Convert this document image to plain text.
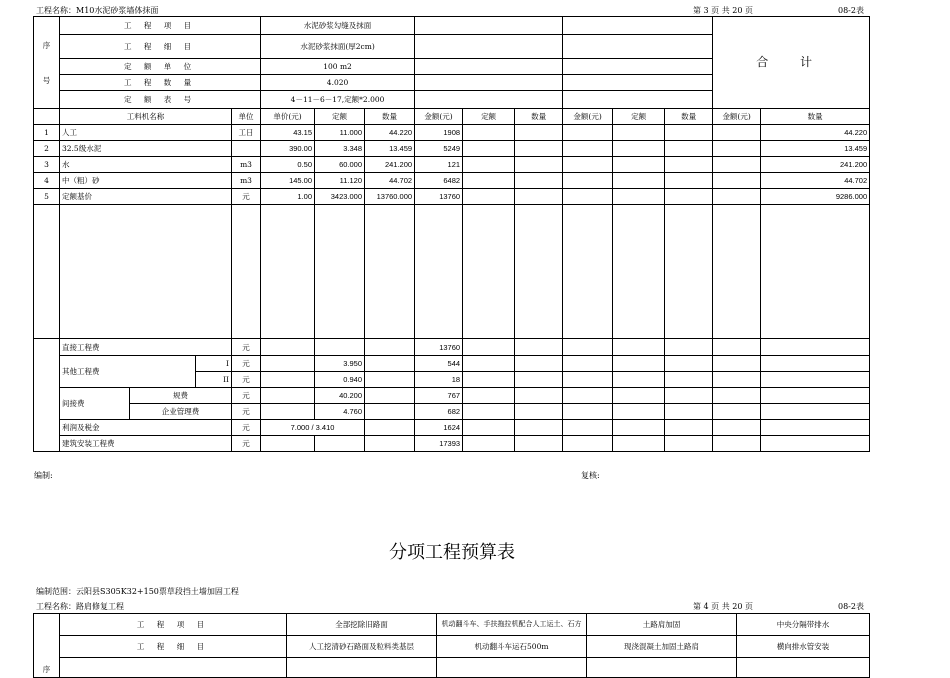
工程名称：M10水泥砂浆墙体抹面	第 3 页 共 20 页	08-2表
序
号	工 程 项 目				水泥砂浆勾缝及抹面									合 计		
	工 程 细 目				水泥砂浆抹面(厚2cm)											
	定 额 单 位				100 m2											
	工 程 数 量				4.020											
	定 额 表 号				4－11－6－17,定额*2.000											
	工料机名称			单位	单价(元)	定额	数量	金额(元)	定额	数量	金额(元)	定额	数量	金额(元)	数量	
1	人工			工日	43.15	11.000	44.220	1908							44.220	
2	32.5级水泥				390.00	3.348	13.459	5249							13.459	
3	水			m3	0.50	60.000	241.200	121							241.200	
4	中（粗）砂			m3	145.00	11.120	44.702	6482							44.702	
5	定额基价			元	1.00	3423.000	13760.000	13760							9286.000	

	直接工程费			元				13760								
	其他工程费		I	元		3.950		544								
			II	元		0.940		18								
	间接费	规费		元		40.200		767								
		企业管理费		元		4.760		682								
	利润及税金			元	7.000 / 3.410			1624								
	建筑安装工程费			元				17393								
编制:	复核:
分项工程预算表
编制范围：云阳县S305K32+150票草段挡土墙加固工程
工程名称：路肩修复工程	第 4 页 共 20 页	08-2表
序	工 程 项 目	全部挖除旧路面	机动翻斗车、手扶拖拉机配合人工运土、石方	土路肩加固	中央分隔带排水
	工 程 细 目	人工挖清砂石路面及粒料类基层	机动翻斗车运石500m	现浇混凝土加固土路肩	横向排水管安装
